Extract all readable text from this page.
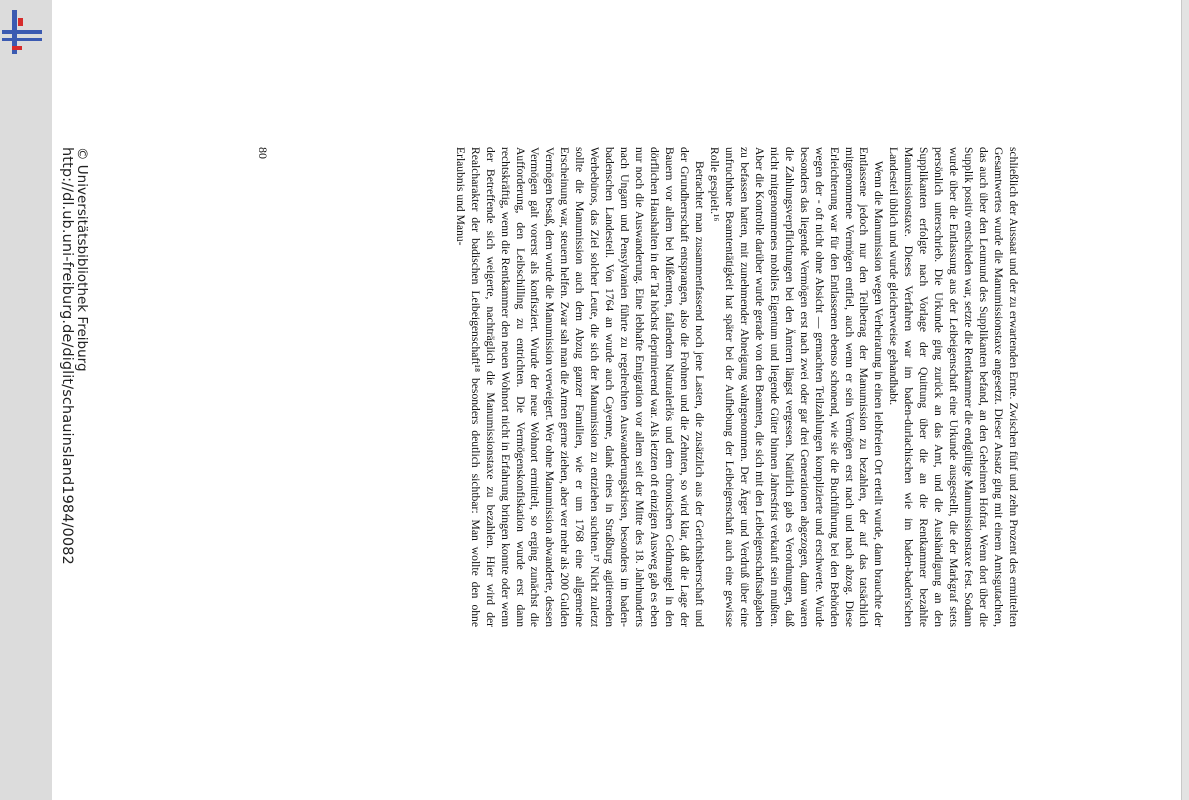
schließlich der Aussaat und der zu erwartenden Ernte. Zwischen fünf und zehn Prozent des ermittelten Gesamtwertes wurde die Manumissionstaxe angesetzt. Dieser Ansatz ging mit einem Amtsgutachten, das auch über den Leumund des Supplikanten befand, an den Geheimen Hofrat. Wenn dort über die Supplik positiv entschieden war, setzte die Rentkammer die endgültige Manumissionstaxe fest. Sodann wurde über die Entlassung aus der Leibeigenschaft eine Urkunde ausgestellt, die der Markgraf stets persönlich unterschrieb. Die Urkunde ging zurück an das Amt, und die Aushändigung an den Supplikanten erfolgte nach Vorlage der Quittung über die an die Rentkammer bezahlte Manumissionstaxe. Dieses Verfahren war im baden-durlachischen wie im baden-baden'schen Landesteil üblich und wurde gleicherweise gehandhabt.

Wenn die Manumission wegen Verheiratung in einen leibfreien Ort erteilt wurde, dann brauchte der Entlassene jedoch nur den Teilbetrag der Manumission zu bezahlen, der auf das tatsächlich mitgenommene Vermögen entfiel, auch wenn er sein Vermögen erst nach und nach abzog. Diese Erleichterung war für den Entlassenen ebenso schonend, wie sie die Buchführung bei den Behörden wegen der - oft nicht ohne Absicht — gemachten Teilzahlungen komplizierte und erschwerte. Wurde besonders das liegende Vermögen erst nach zwei oder gar drei Generationen abgezogen, dann waren die Zahlungsverpflichtungen bei den Ämtern längst vergessen. Natürlich gab es Verordnungen, daß nicht mitgenommenes mobiles Eigentum und liegende Güter binnen Jahresfrist verkauft sein mußten. Aber die Kontrolle darüber wurde gerade von den Beamten, die sich mit den Leibeigenschaftsabgaben zu befassen hatten, mit zunehmender Abneigung wahrgenommen. Der Ärger und Verdruß über eine unfruchtbare Beamtentätigkeit hat später bei der Aufhebung der Leibeigenschaft auch eine gewisse Rolle gespielt.¹⁶

Betrachtet man zusammenfassend noch jene Lasten, die zusätzlich aus der Gerichtsherrschaft und der Grundherrschaft entsprangen, also die Frohnen und die Zehnten, so wird klar, daß die Lage der Bauern vor allem bei Mißernten, fallendem Naturalerlös und dem chronischen Geldmangel in den dörflichen Haushalten in der Tat höchst deprimierend war. Als letzten oft einzigen Ausweg gab es eben nur noch die Auswanderung. Eine lebhafte Emigration vor allem seit der Mitte des 18. Jahrhunderts nach Ungarn und Pensylvanien führte zu regelrechten Auswanderungskrisen, besonders im baden-badenschen Landesteil. Von 1764 an wurde auch Cayenne, dank eines in Straßburg agitierenden Werbebüros, das Ziel solcher Leute, die sich der Manumission zu entziehen suchten.¹⁷ Nicht zuletzt sollte die Manumission auch dem Abzug ganzer Familien, wie er um 1768 eine allgemeine Erscheinung war, steuern helfen. Zwar sah man die Armen gerne ziehen, aber wer mehr als 200 Gulden Vermögen besaß, dem wurde die Manumission verweigert. Wer ohne Manumission abwanderte, dessen Vermögen galt vorerst als konfisziert. Wurde der neue Wohnort ermittelt, so erging zunächst die Aufforderung, den Leibschilling zu entrichten. Die Vermögenskonfiskation wurde erst dann rechtskräftig, wenn die Rentkammer den neuen Wohnort nicht in Erfahrung bringen konnte oder wenn der Betreffende sich weigerte, nachträglich die Manumissionstaxe zu bezahlen. Hier wird der Realcharakter der badischen Leibeigenschaft¹⁸ besonders deutlich sichtbar: Man wollte den ohne Erlaubnis und Manu-

80
http://dl.ub.uni-freiburg.de/diglit/schauinsland1984/0082 © Universitätsbibliothek Freiburg
